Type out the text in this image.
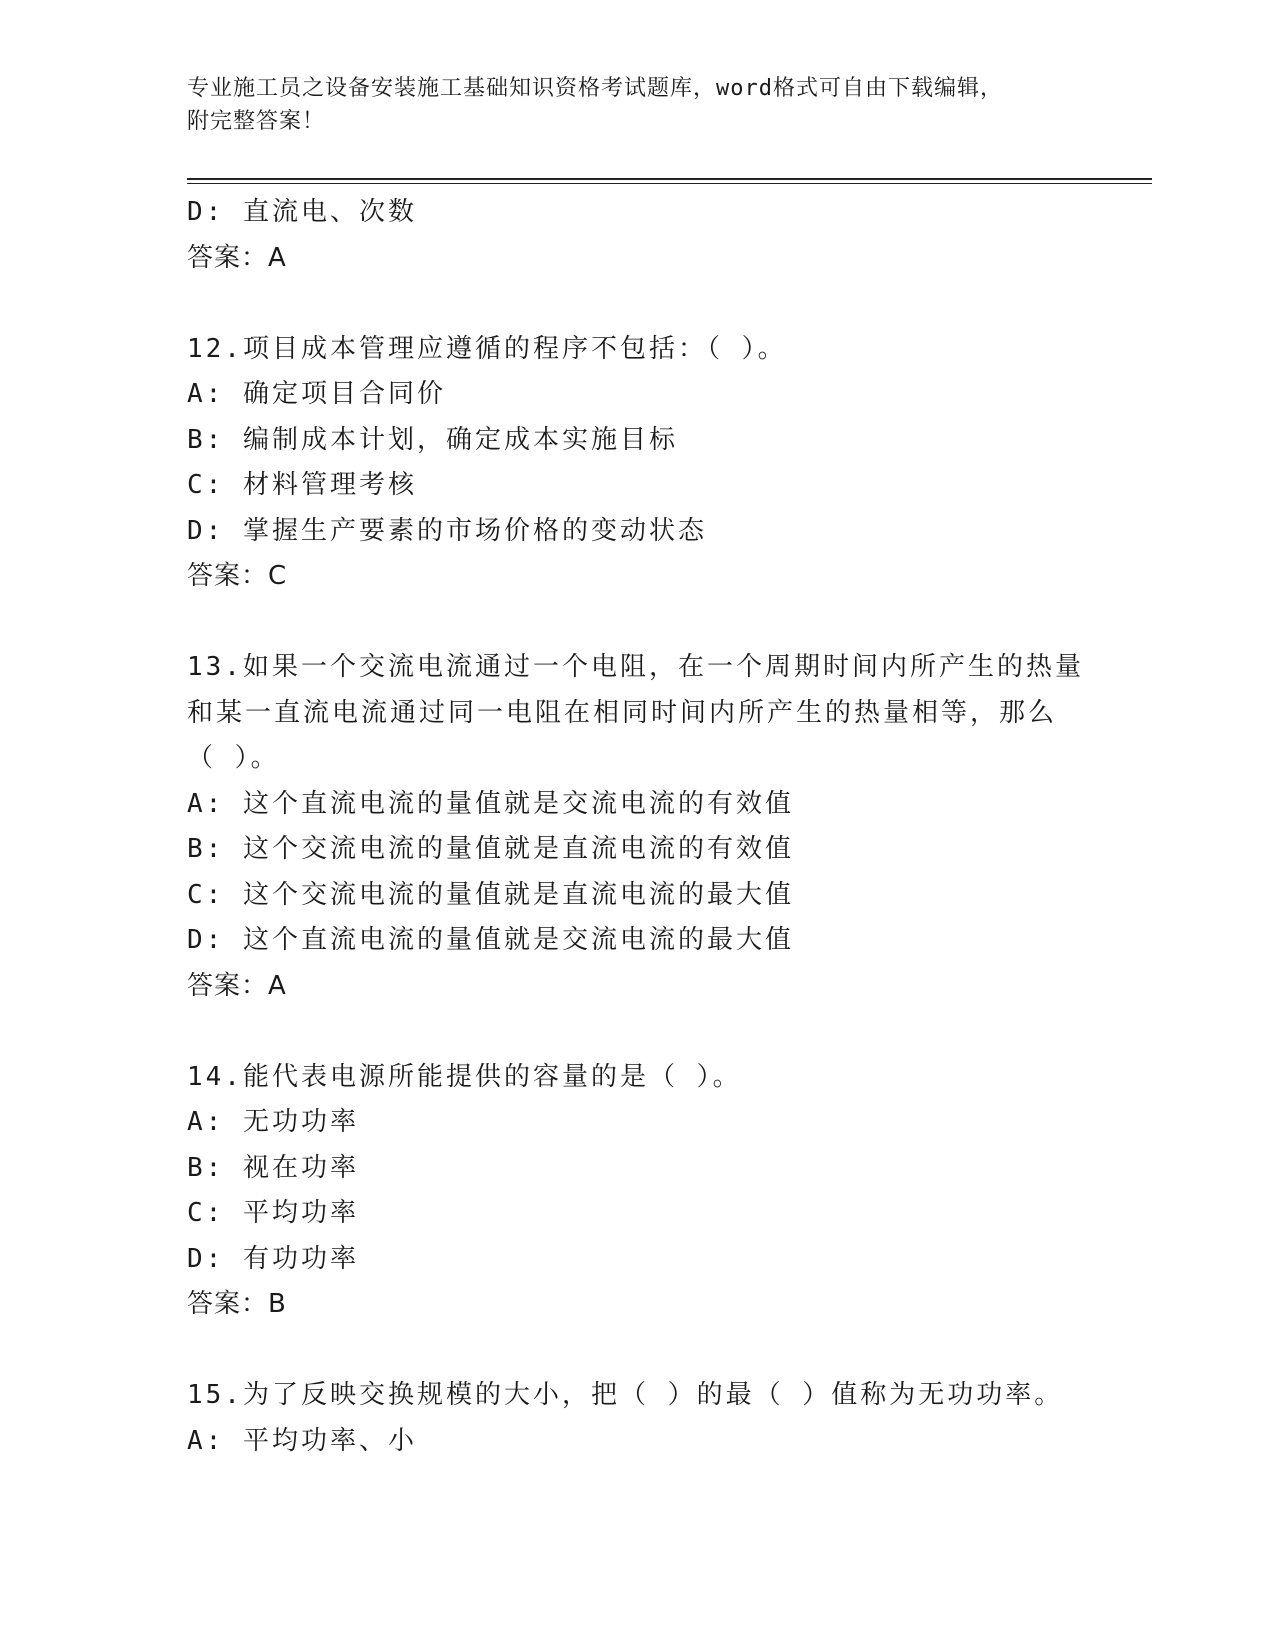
专业施工员之设备安装施工基础知识资格考试题库，word格式可自由下载编辑，
附完整答案！
D: 直流电、次数
答案：A
12.项目成本管理应遵循的程序不包括：（ ）。
A: 确定项目合同价
B: 编制成本计划，确定成本实施目标
C: 材料管理考核
D: 掌握生产要素的市场价格的变动状态
答案：C
13.如果一个交流电流通过一个电阻，在一个周期时间内所产生的热量
和某一直流电流通过同一电阻在相同时间内所产生的热量相等，那么
（ ）。
A: 这个直流电流的量值就是交流电流的有效值
B: 这个交流电流的量值就是直流电流的有效值
C: 这个交流电流的量值就是直流电流的最大值
D: 这个直流电流的量值就是交流电流的最大值
答案：A
14.能代表电源所能提供的容量的是（ ）。
A: 无功功率
B: 视在功率
C: 平均功率
D: 有功功率
答案：B
15.为了反映交换规模的大小，把（ ）的最（ ）值称为无功功率。
A: 平均功率、小
